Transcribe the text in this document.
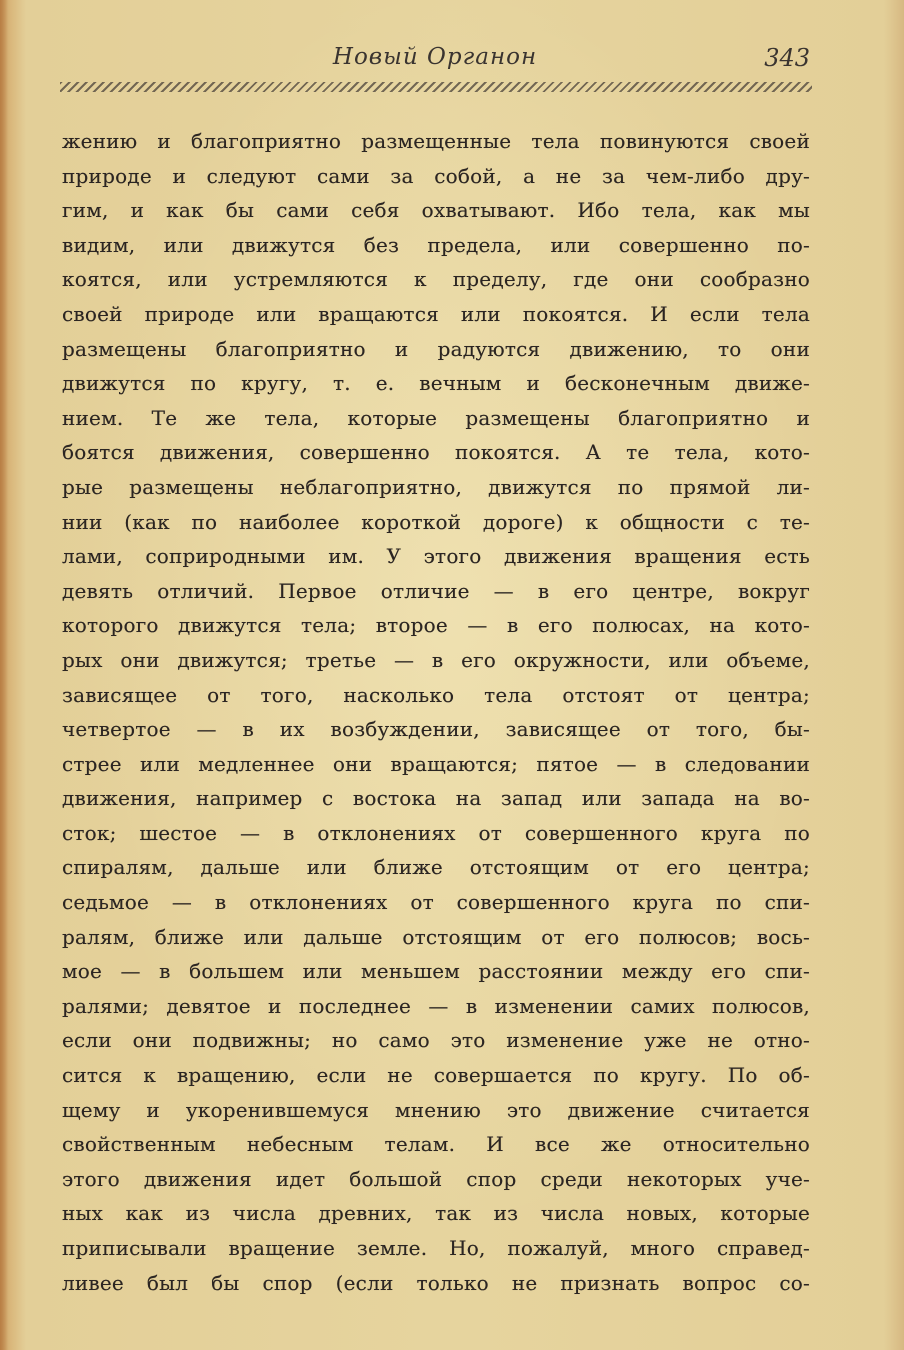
Новый Органон	343
жению и благоприятно размещенные тела повинуются своей
природе и следуют сами за собой, а не за чем-либо дру-
гим, и как бы сами себя охватывают. Ибо тела, как мы
видим, или движутся без предела, или совершенно по-
коятся, или устремляются к пределу, где они сообразно
своей природе или вращаются или покоятся. И если тела
размещены благоприятно и радуются движению, то они
движутся по кругу, т. е. вечным и бесконечным движе-
нием. Те же тела, которые размещены благоприятно и
боятся движения, совершенно покоятся. А те тела, кото-
рые размещены неблагоприятно, движутся по прямой ли-
нии (как по наиболее короткой дороге) к общности с те-
лами, соприродными им. У этого движения вращения есть
девять отличий. Первое отличие — в его центре, вокруг
которого движутся тела; второе — в его полюсах, на кото-
рых они движутся; третье — в его окружности, или объеме,
зависящее от того, насколько тела отстоят от центра;
четвертое — в их возбуждении, зависящее от того, бы-
стрее или медленнее они вращаются; пятое — в следовании
движения, например с востока на запад или запада на во-
сток; шестое — в отклонениях от совершенного круга по
спиралям, дальше или ближе отстоящим от его центра;
седьмое — в отклонениях от совершенного круга по спи-
ралям, ближе или дальше отстоящим от его полюсов; вось-
мое — в большем или меньшем расстоянии между его спи-
ралями; девятое и последнее — в изменении самих полюсов,
если они подвижны; но само это изменение уже не отно-
сится к вращению, если не совершается по кругу. По об-
щему и укоренившемуся мнению это движение считается
свойственным небесным телам. И все же относительно
этого движения идет большой спор среди некоторых уче-
ных как из числа древних, так из числа новых, которые
приписывали вращение земле. Но, пожалуй, много справед-
ливее был бы спор (если только не признать вопрос со-
